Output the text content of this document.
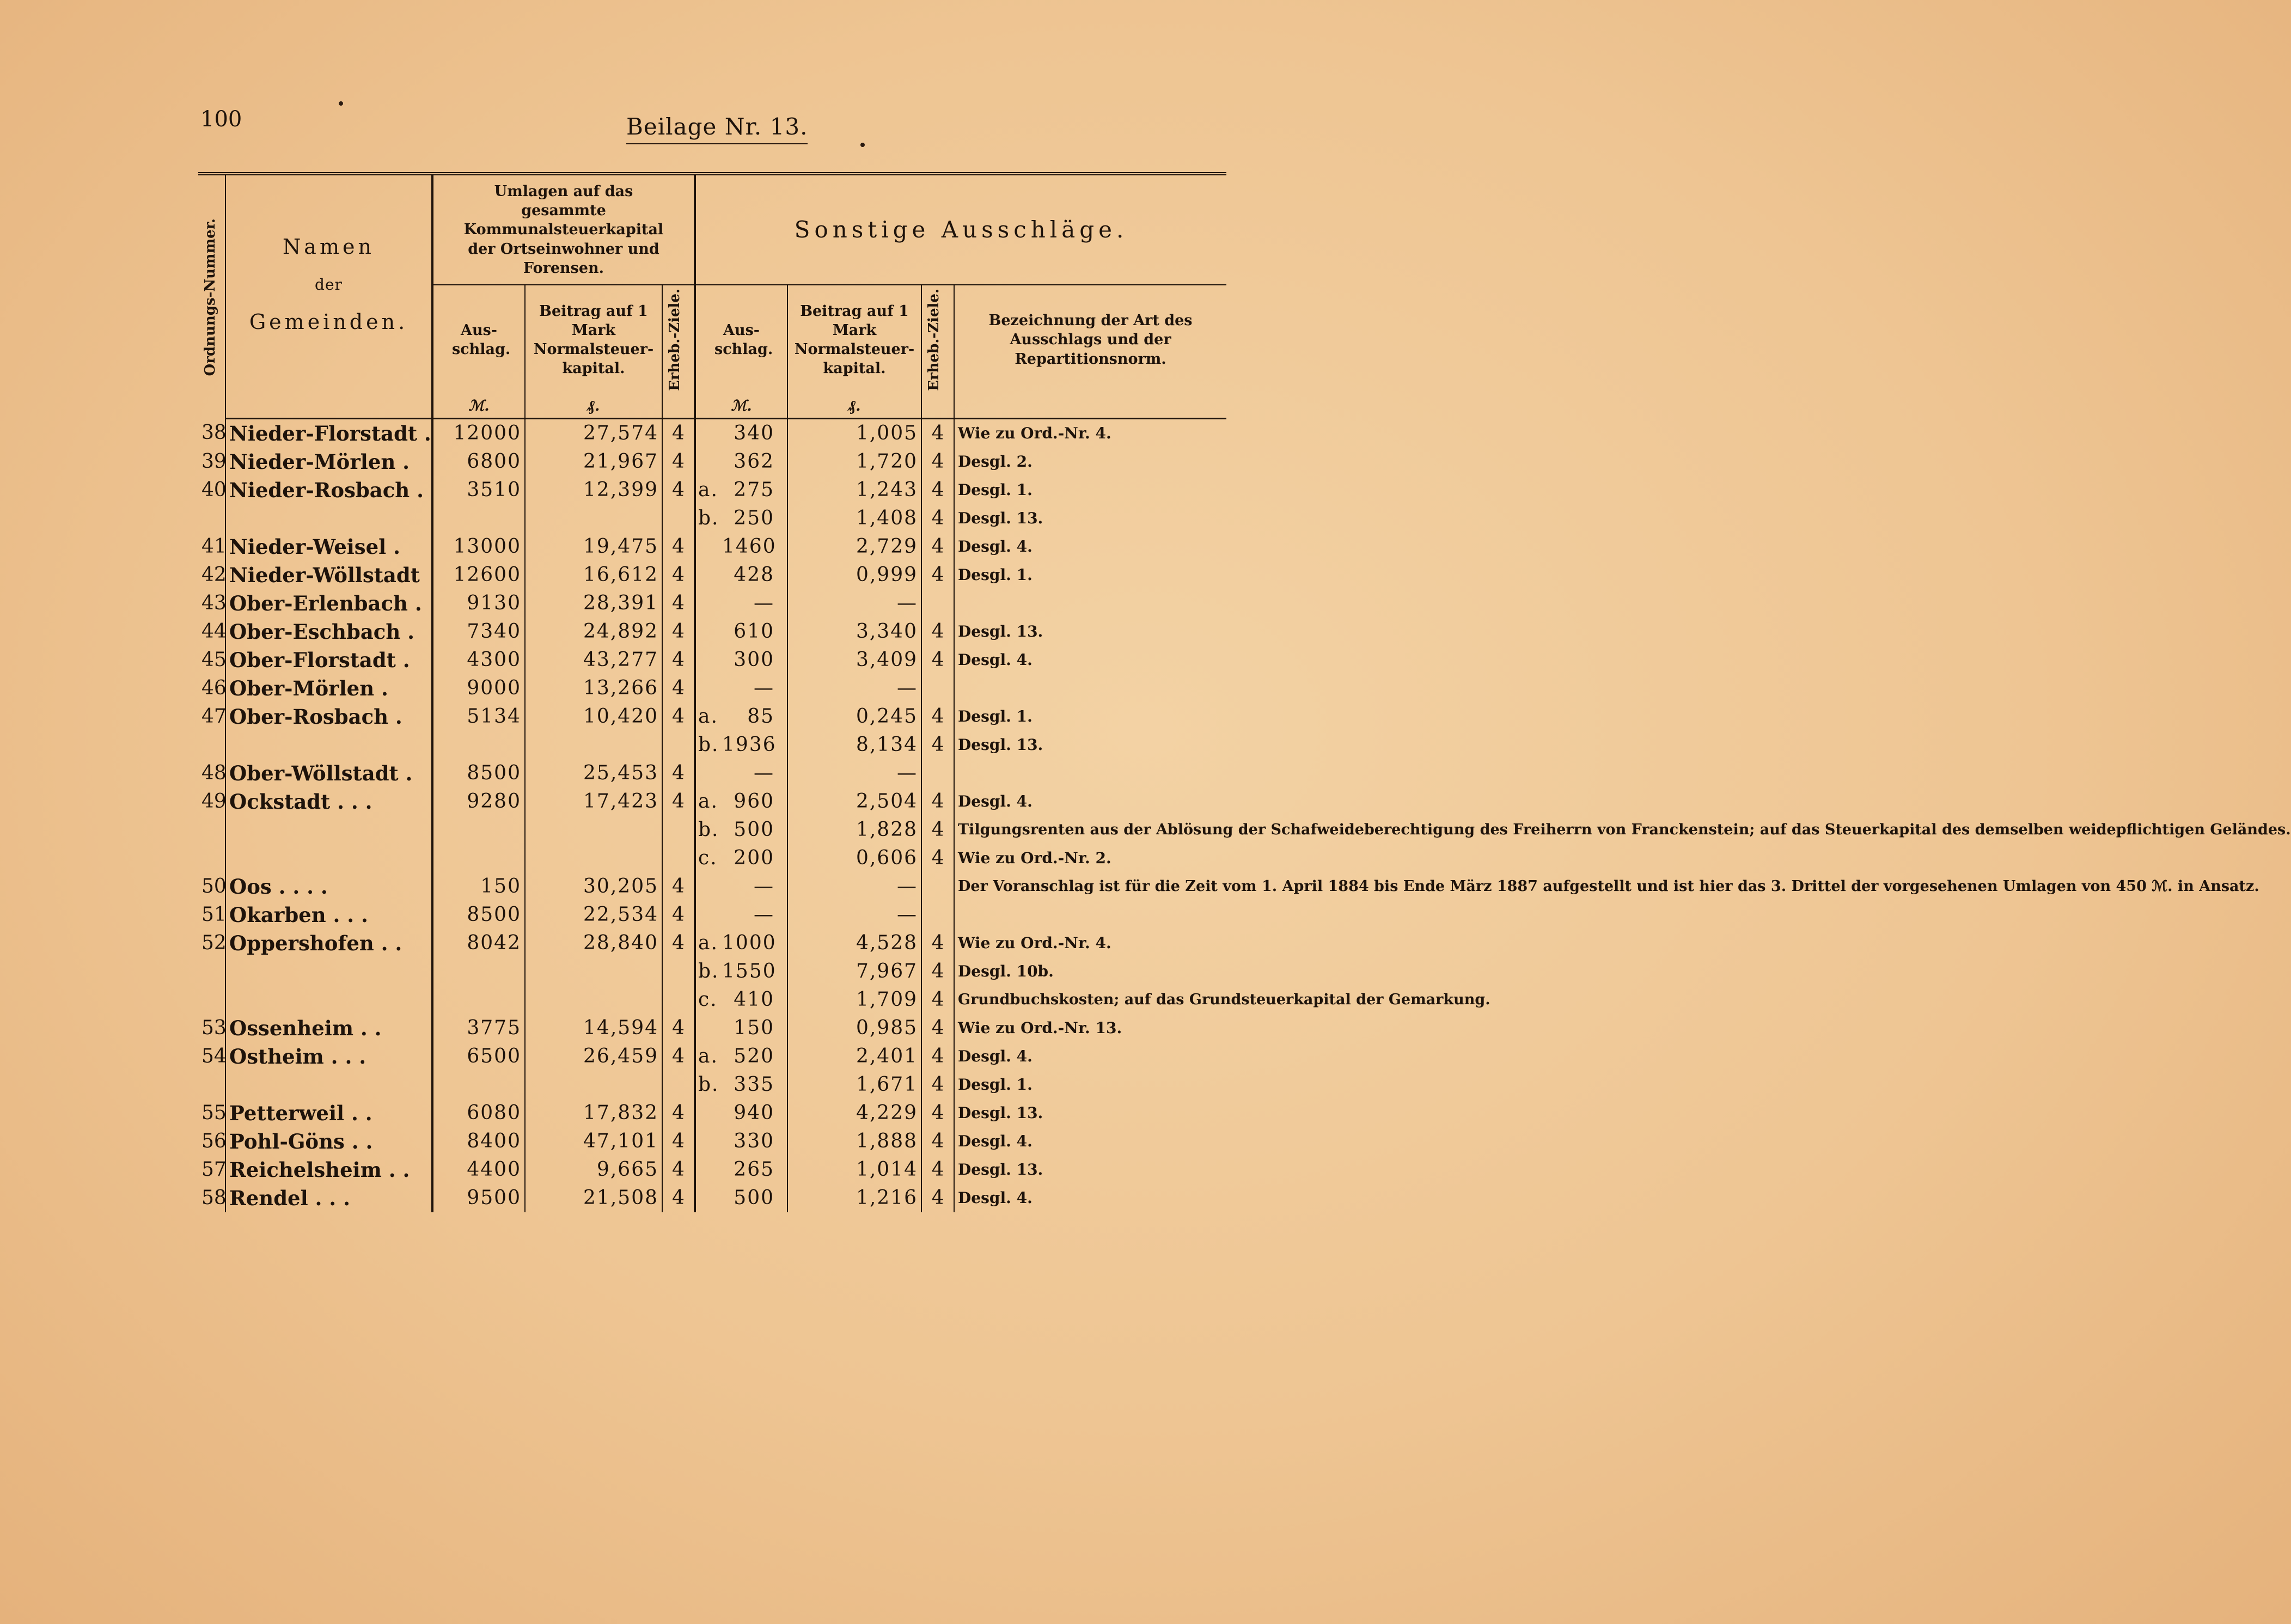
100	Beilage Nr. 13.
Ordnungs-Nummer.	Namen
der
Gemeinden.	Umlagen auf das gesammte Kommunalsteuerkapital der Ortseinwohner und Forensen.			Sonstige Ausschläge.			
		Aus-schlag.	Beitrag auf 1 Mark Normalsteuer-kapital.	Erheb.-Ziele.	Aus-schlag.	Beitrag auf 1 Mark Normalsteuer-kapital.	Erheb.-Ziele.	Bezeichnung der Art des Ausschlags und der Repartitionsnorm.
		ℳ.	₰.		ℳ.	₰.		
38	Nieder-Florstadt .	12000	27,574	4	340	1,005	4	Wie zu Ord.-Nr. 4.
39	Nieder-Mörlen .	6800	21,967	4	362	1,720	4	Desgl. 2.
40	Nieder-Rosbach .	3510	12,399	4	a. 275	1,243	4	Desgl. 1.
					b. 250	1,408	4	Desgl. 13.
41	Nieder-Weisel .	13000	19,475	4	1460	2,729	4	Desgl. 4.
42	Nieder-Wöllstadt	12600	16,612	4	428	0,999	4	Desgl. 1.
43	Ober-Erlenbach .	9130	28,391	4	—	—		
44	Ober-Eschbach .	7340	24,892	4	610	3,340	4	Desgl. 13.
45	Ober-Florstadt .	4300	43,277	4	300	3,409	4	Desgl. 4.
46	Ober-Mörlen .	9000	13,266	4	—	—		
47	Ober-Rosbach .	5134	10,420	4	a. 85	0,245	4	Desgl. 1.
					b. 1936	8,134	4	Desgl. 13.
48	Ober-Wöllstadt .	8500	25,453	4	—	—		
49	Ockstadt . . .	9280	17,423	4	a. 960	2,504	4	Desgl. 4.
					b. 500	1,828	4	Tilgungsrenten aus der Ablösung der Schafweideberechtigung des Freiherrn von Franckenstein; auf das Steuerkapital des demselben weidepflichtigen Geländes.
					c. 200	0,606	4	Wie zu Ord.-Nr. 2.
50	Oos . . . .	150	30,205	4	—	—		Der Voranschlag ist für die Zeit vom 1. April 1884 bis Ende März 1887 aufgestellt und ist hier das 3. Drittel der vorgesehenen Umlagen von 450 ℳ. in Ansatz.
51	Okarben . . .	8500	22,534	4	—	—		
52	Oppershofen . .	8042	28,840	4	a. 1000	4,528	4	Wie zu Ord.-Nr. 4.
					b. 1550	7,967	4	Desgl. 10b.
					c. 410	1,709	4	Grundbuchskosten; auf das Grundsteuerkapital der Gemarkung.
53	Ossenheim . .	3775	14,594	4	150	0,985	4	Wie zu Ord.-Nr. 13.
54	Ostheim . . .	6500	26,459	4	a. 520	2,401	4	Desgl. 4.
					b. 335	1,671	4	Desgl. 1.
55	Petterweil . .	6080	17,832	4	940	4,229	4	Desgl. 13.
56	Pohl-Göns . .	8400	47,101	4	330	1,888	4	Desgl. 4.
57	Reichelsheim . .	4400	9,665	4	265	1,014	4	Desgl. 13.
58	Rendel . . .	9500	21,508	4	500	1,216	4	Desgl. 4.
